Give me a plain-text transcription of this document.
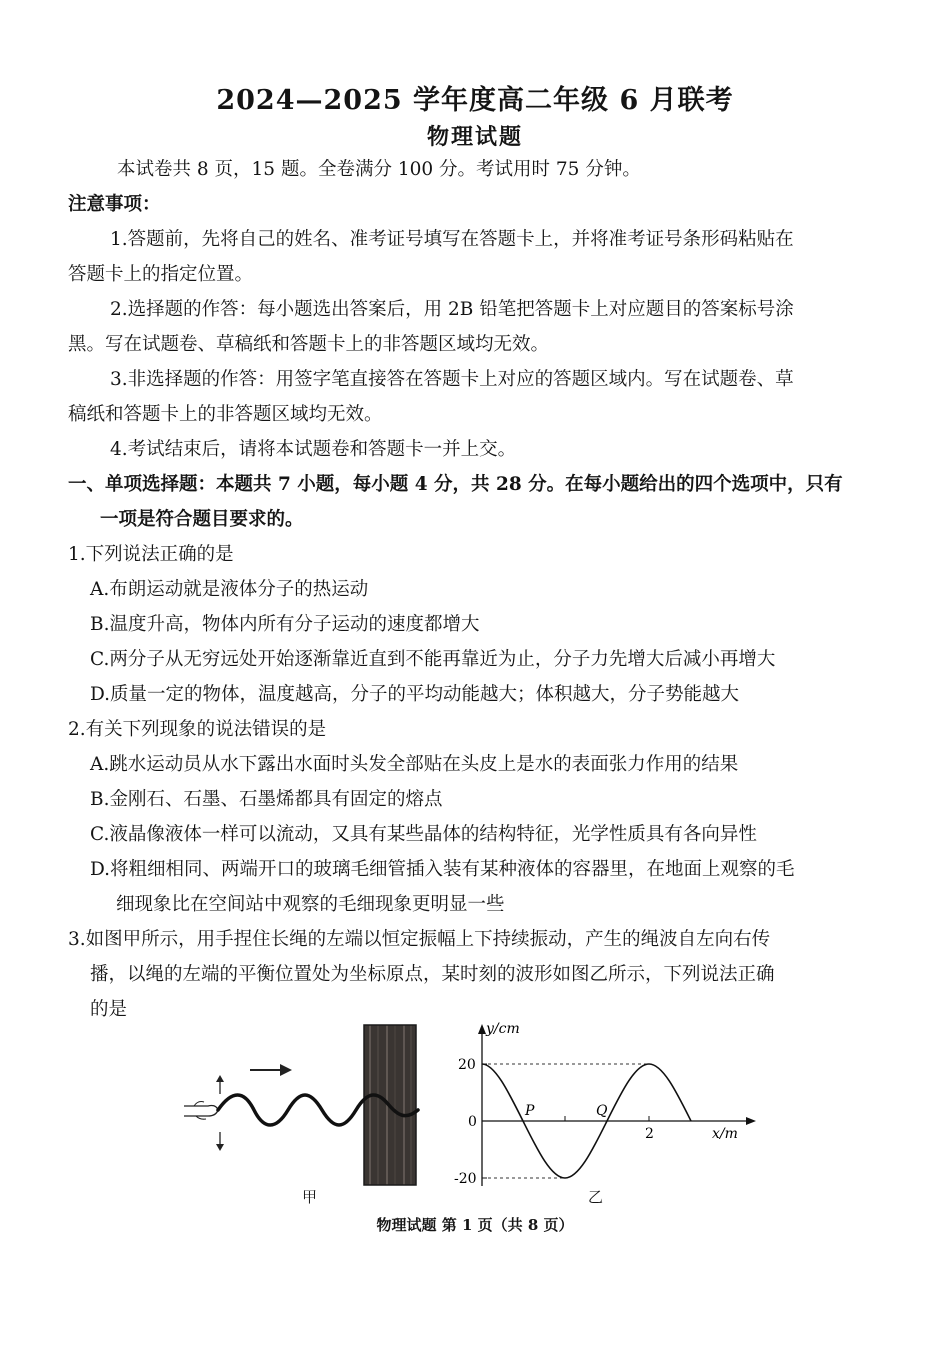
2024—2025 学年度高二年级 6 月联考
物理试题
本试卷共 8 页，15 题。全卷满分 100 分。考试用时 75 分钟。
注意事项：
1.答题前，先将自己的姓名、准考证号填写在答题卡上，并将准考证号条形码粘贴在
答题卡上的指定位置。
2.选择题的作答：每小题选出答案后，用 2B 铅笔把答题卡上对应题目的答案标号涂
黑。写在试题卷、草稿纸和答题卡上的非答题区域均无效。
3.非选择题的作答：用签字笔直接答在答题卡上对应的答题区域内。写在试题卷、草
稿纸和答题卡上的非答题区域均无效。
4.考试结束后，请将本试题卷和答题卡一并上交。
一、单项选择题：本题共 7 小题，每小题 4 分，共 28 分。在每小题给出的四个选项中，只有
一项是符合题目要求的。
1.下列说法正确的是
A.布朗运动就是液体分子的热运动
B.温度升高，物体内所有分子运动的速度都增大
C.两分子从无穷远处开始逐渐靠近直到不能再靠近为止，分子力先增大后减小再增大
D.质量一定的物体，温度越高，分子的平均动能越大；体积越大，分子势能越大
2.有关下列现象的说法错误的是
A.跳水运动员从水下露出水面时头发全部贴在头皮上是水的表面张力作用的结果
B.金刚石、石墨、石墨烯都具有固定的熔点
C.液晶像液体一样可以流动，又具有某些晶体的结构特征，光学性质具有各向异性
D.将粗细相同、两端开口的玻璃毛细管插入装有某种液体的容器里，在地面上观察的毛
细现象比在空间站中观察的毛细现象更明显一些
3.如图甲所示，用手捏住长绳的左端以恒定振幅上下持续振动，产生的绳波自左向右传
播，以绳的左端的平衡位置处为坐标原点，某时刻的波形如图乙所示，下列说法正确
的是
甲
y/cm
x/m
20
0
-20
2
P	Q
乙
物理试题 第 1 页（共 8 页）
